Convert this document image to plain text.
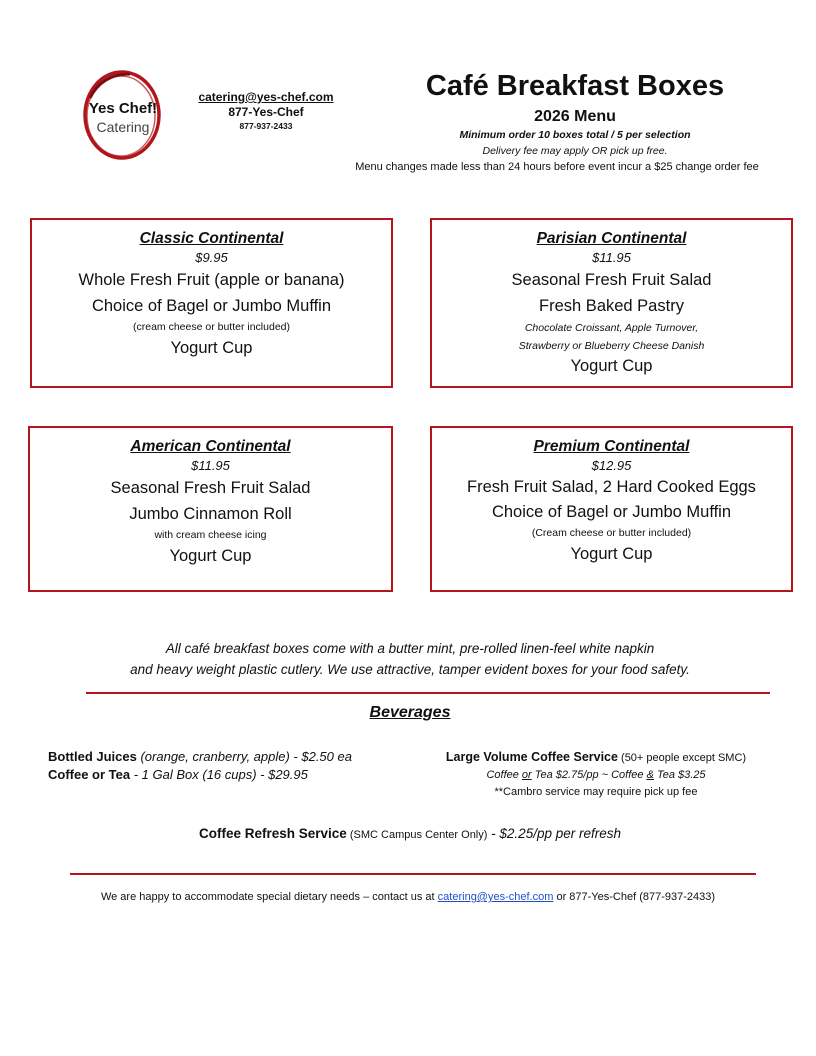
Yes Chef!
Catering
catering@yes-chef.com
877-Yes-Chef
877-937-2433
Café Breakfast Boxes
2026 Menu
Minimum order 10 boxes total / 5 per selection
Delivery fee may apply OR pick up free.
Menu changes made less than 24 hours before event incur a $25 change order fee
Classic Continental
$9.95
Whole Fresh Fruit (apple or banana)
Choice of Bagel or Jumbo Muffin
(cream cheese or butter included)
Yogurt Cup
Parisian Continental
$11.95
Seasonal Fresh Fruit Salad
Fresh Baked Pastry
Chocolate Croissant, Apple Turnover,
Strawberry or Blueberry Cheese Danish
Yogurt Cup
American Continental
$11.95
Seasonal Fresh Fruit Salad
Jumbo Cinnamon Roll
with cream cheese icing
Yogurt Cup
Premium Continental
$12.95
Fresh Fruit Salad, 2 Hard Cooked Eggs
Choice of Bagel or Jumbo Muffin
(Cream cheese or butter included)
Yogurt Cup
All café breakfast boxes come with a butter mint, pre-rolled linen-feel white napkin
and heavy weight plastic cutlery. We use attractive, tamper evident boxes for your food safety.
Beverages
Bottled Juices (orange, cranberry, apple) - $2.50 ea
Coffee or Tea - 1 Gal Box (16 cups) - $29.95
Large Volume Coffee Service (50+ people except SMC)
Coffee or Tea $2.75/pp ~ Coffee & Tea $3.25
**Cambro service may require pick up fee
Coffee Refresh Service (SMC Campus Center Only) - $2.25/pp per refresh
We are happy to accommodate special dietary needs – contact us at catering@yes-chef.com or 877-Yes-Chef (877-937-2433)
